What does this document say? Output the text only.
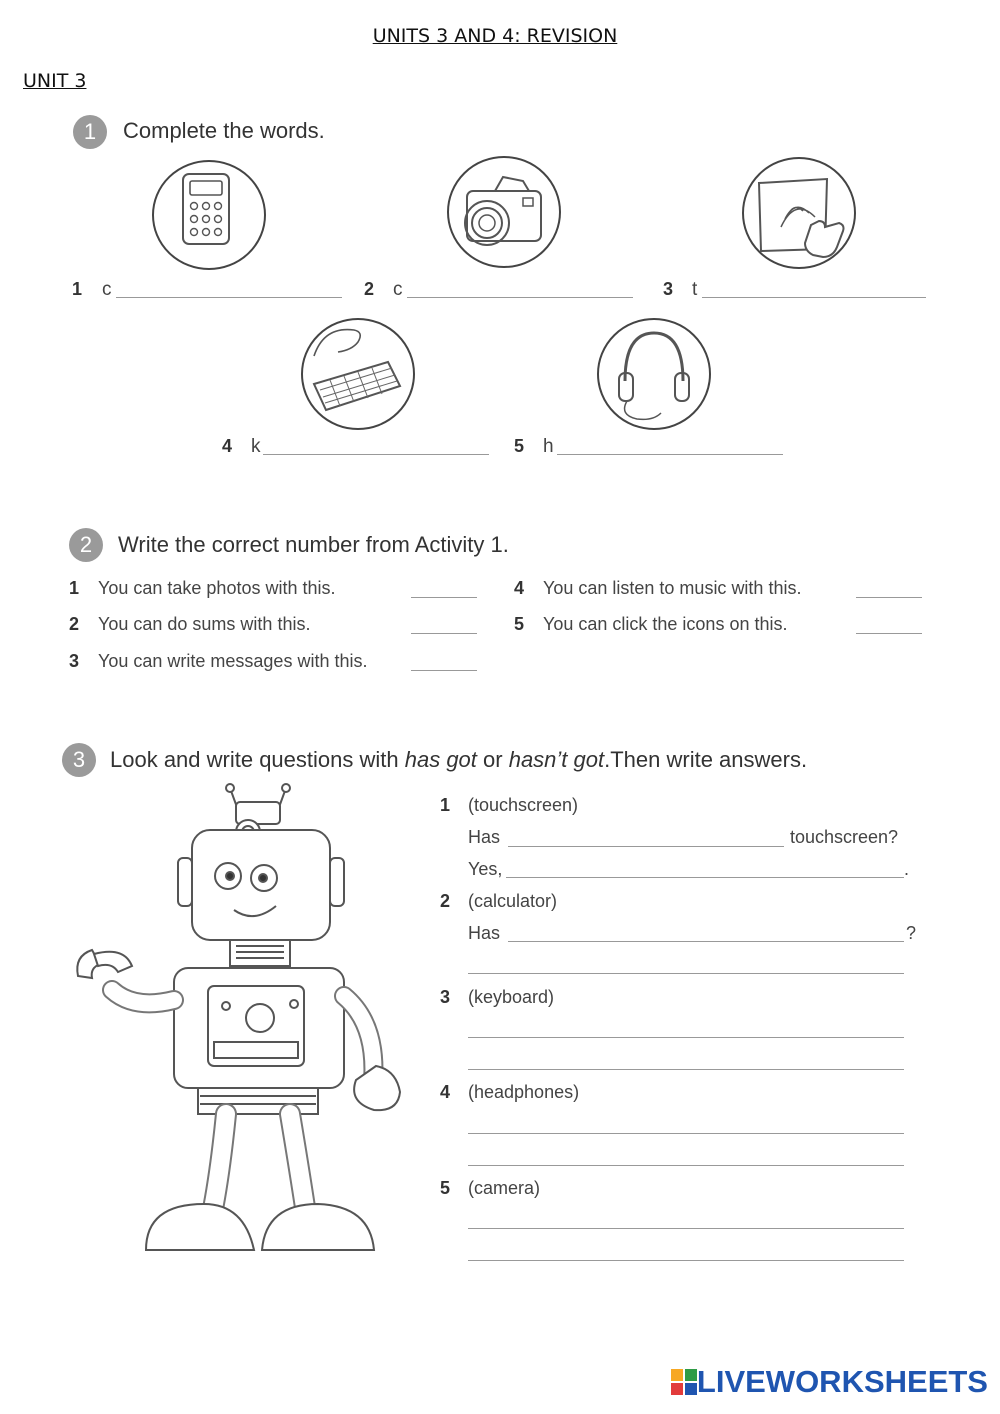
UNITS 3 AND 4: REVISION
UNIT 3
1	Complete the words.
1 c	2 c	3 t
4 k	5 h
2	Write the correct number from Activity 1.
1 You can take photos with this.
2 You can do sums with this.
3 You can write messages with this.
4 You can listen to music with this.
5 You can click the icons on this.
3	Look and write questions with has got or hasn’t got.Then write answers.
1 (touchscreen)
Has	touchscreen?
Yes,	.
2 (calculator)
Has	?
3 (keyboard)
4 (headphones)
5 (camera)
LIVEWORKSHEETS
